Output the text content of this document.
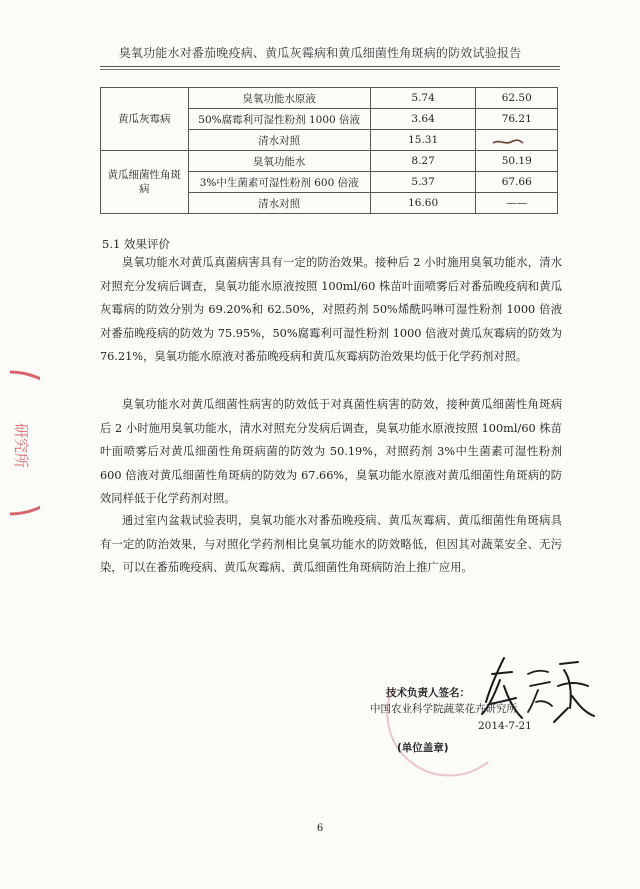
臭氧功能水对番茄晚疫病、黄瓜灰霉病和黄瓜细菌性角斑病的防效试验报告
黄瓜灰霉病	臭氧功能水原液	5.74	62.50
	50%腐霉利可湿性粉剂 1000 倍液	3.64	76.21
	清水对照	15.31	
黄瓜细菌性角斑病	臭氧功能水	8.27	50.19
	3%中生菌素可湿性粉剂 600 倍液	5.37	67.66
	清水对照	16.60	——
5.1 效果评价

臭氧功能水对黄瓜真菌病害具有一定的防治效果。接种后 2 小时施用臭氧功能水，清水对照充分发病后调查，臭氧功能水原液按照 100ml/60 株苗叶面喷雾后对番茄晚疫病和黄瓜灰霉病的防效分别为 69.20%和 62.50%，对照药剂 50%烯酰吗啉可湿性粉剂 1000 倍液对番茄晚疫病的防效为 75.95%，50%腐霉利可湿性粉剂 1000 倍液对黄瓜灰霉病的防效为 76.21%，臭氧功能水原液对番茄晚疫病和黄瓜灰霉病防治效果均低于化学药剂对照。

臭氧功能水对黄瓜细菌性病害的防效低于对真菌性病害的防效，接种黄瓜细菌性角斑病后 2 小时施用臭氧功能水，清水对照充分发病后调查，臭氧功能水原液按照 100ml/60 株苗叶面喷雾后对黄瓜细菌性角斑病菌的防效为 50.19%，对照药剂 3%中生菌素可湿性粉剂 600 倍液对黄瓜细菌性角斑病的防效为 67.66%，臭氧功能水原液对黄瓜细菌性角斑病的防效同样低于化学药剂对照。

通过室内盆栽试验表明，臭氧功能水对番茄晚疫病、黄瓜灰霉病、黄瓜细菌性角斑病具有一定的防治效果，与对照化学药剂相比臭氧功能水的防效略低，但因其对蔬菜安全、无污染，可以在番茄晚疫病、黄瓜灰霉病、黄瓜细菌性角斑病防治上推广应用。

研究所
技术负责人签名：
中国农业科学院蔬菜花卉研究所
2014-7-21
(单位盖章)
6
